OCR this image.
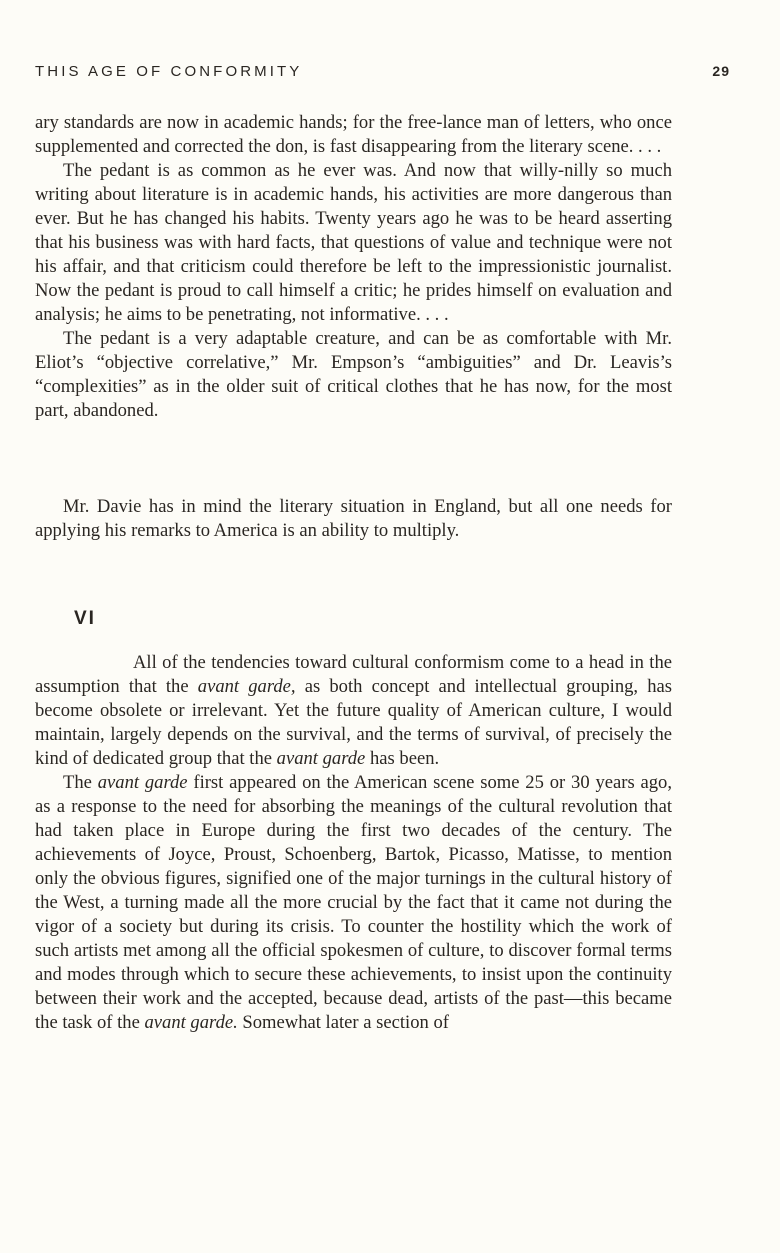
THIS AGE OF CONFORMITY	29

ary standards are now in academic hands; for the free-lance man of letters, who once supplemented and corrected the don, is fast disappearing from the literary scene. . . .

The pedant is as common as he ever was. And now that willy-nilly so much writing about literature is in academic hands, his activities are more dangerous than ever. But he has changed his habits. Twenty years ago he was to be heard asserting that his business was with hard facts, that questions of value and technique were not his affair, and that criticism could therefore be left to the impressionistic journalist. Now the pedant is proud to call himself a critic; he prides himself on evaluation and analysis; he aims to be penetrating, not informative. . . .

The pedant is a very adaptable creature, and can be as comfortable with Mr. Eliot’s “objective correlative,” Mr. Empson’s “ambiguities” and Dr. Leavis’s “complexities” as in the older suit of critical clothes that he has now, for the most part, abandoned.

Mr. Davie has in mind the literary situation in England, but all one needs for applying his remarks to America is an ability to multiply.

VI

All of the tendencies toward cultural conformism come to a head in the assumption that the avant garde, as both concept and intellectual grouping, has become obsolete or irrelevant. Yet the future quality of American culture, I would maintain, largely depends on the survival, and the terms of survival, of precisely the kind of dedicated group that the avant garde has been.

The avant garde first appeared on the American scene some 25 or 30 years ago, as a response to the need for absorbing the meanings of the cultural revolution that had taken place in Europe during the first two decades of the century. The achievements of Joyce, Proust, Schoenberg, Bartok, Picasso, Matisse, to mention only the obvious figures, signified one of the major turnings in the cultural history of the West, a turning made all the more crucial by the fact that it came not during the vigor of a society but during its crisis. To counter the hostility which the work of such artists met among all the official spokesmen of culture, to discover formal terms and modes through which to secure these achievements, to insist upon the continuity between their work and the accepted, because dead, artists of the past—this became the task of the avant garde. Somewhat later a section of
